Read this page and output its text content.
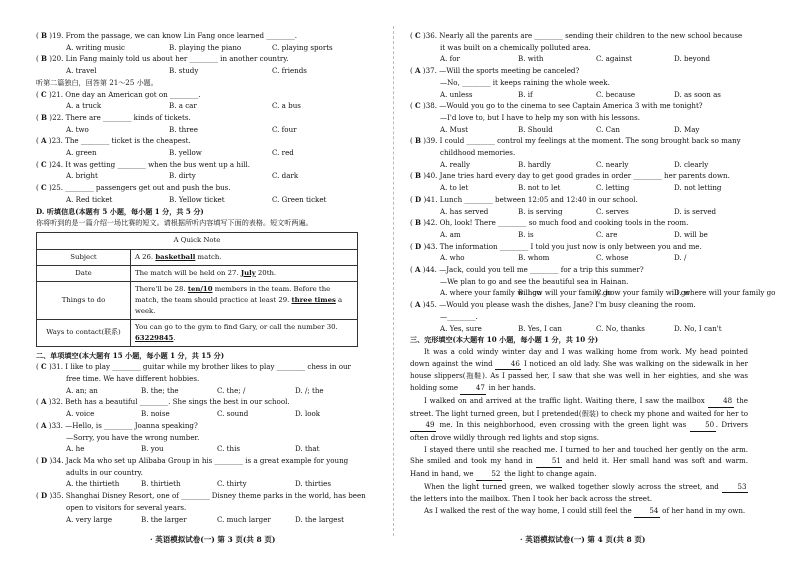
( B )19. From the passage, we can know Lin Fang once learned ________.
A. writing music	B. playing the piano	C. playing sports
( B )20. Lin Fang mainly told us about her ________ in another country.
A. travel	B. study	C. friends
听第二篇独白，回答第 21～25 小题。
( C )21. One day an American got on ________.
A. a truck	B. a car	C. a bus
( B )22. There are ________ kinds of tickets.
A. two	B. three	C. four
( A )23. The ________ ticket is the cheapest.
A. green	B. yellow	C. red
( C )24. It was getting ________ when the bus went up a hill.
A. bright	B. dirty	C. dark
( C )25. ________ passengers get out and push the bus.
A. Red ticket	B. Yellow ticket	C. Green ticket
D. 听填信息(本题有 5 小题，每小题 1 分，共 5 分)
你将听到的是一篇介绍一场比赛的短文。请根据所听内容填写下面的表格。短文听两遍。
A Quick Note	
Subject	A 26. basketball match.
Date	The match will be held on 27. July 20th.
Things to do	There'll be 28. ten/10 members in the team. Before the match, the team should practice at least 29. three times a week.
Ways to contact(联系)	You can go to the gym to find Gary, or call the number 30. 63229845.
二、单项填空(本大题有 15 小题，每小题 1 分，共 15 分)
( C )31. I like to play ________ guitar while my brother likes to play ________ chess in our
free time. We have different hobbies.
A. an; an	B. the; the	C. the; /	D. /; the
( A )32. Beth has a beautiful ________. She sings the best in our school.
A. voice	B. noise	C. sound	D. look
( A )33. —Hello, is ________ Joanna speaking?
—Sorry, you have the wrong number.
A. he	B. you	C. this	D. that
( D )34. Jack Ma who set up Alibaba Group in his ________ is a great example for young
adults in our country.
A. the thirtieth	B. thirtieth	C. thirty	D. thirties
( D )35. Shanghai Disney Resort, one of ________ Disney theme parks in the world, has been
open to visitors for several years.
A. very large	B. the larger	C. much larger	D. the largest
( C )36. Nearly all the parents are ________ sending their children to the new school because
it was built on a chemically polluted area.
A. for	B. with	C. against	D. beyond
( A )37. —Will the sports meeting be canceled?
—No, ________ it keeps raining the whole week.
A. unless	B. if	C. because	D. as soon as
( C )38. —Would you go to the cinema to see Captain America 3 with me tonight?
—I'd love to, but I have to help my son with his lessons.
A. Must	B. Should	C. Can	D. May
( B )39. I could ________ control my feelings at the moment. The song brought back so many
childhood memories.
A. really	B. hardly	C. nearly	D. clearly
( B )40. Jane tries hard every day to get good grades in order ________ her parents down.
A. to let	B. not to let	C. letting	D. not letting
( D )41. Lunch ________ between 12:05 and 12:40 in our school.
A. has served	B. is serving	C. serves	D. is served
( B )42. Oh, look! There ________ so much food and cooking tools in the room.
A. am	B. is	C. are	D. will be
( D )43. The information ________ I told you just now is only between you and me.
A. who	B. whom	C. whose	D. /
( A )44. —Jack, could you tell me ________ for a trip this summer?
—We plan to go and see the beautiful sea in Hainan.
A. where your family will go
B. how will your family go
C. how your family will go
D. where will your family go
( A )45. —Would you please wash the dishes, Jane? I'm busy cleaning the room.
—________.
A. Yes, sure	B. Yes, I can	C. No, thanks	D. No, I can't
三、完形填空(本大题有 10 小题，每小题 1 分，共 10 分)

It was a cold windy winter day and I was walking home from work. My head pointed down against the wind 46 I noticed an old lady. She was walking on the sidewalk in her house slippers(拖鞋). As I passed her, I saw that she was well in her eighties, and she was holding some 47 in her hands.

I walked on and arrived at the traffic light. Waiting there, I saw the mailbox 48 the street. The light turned green, but I pretended(假装) to check my phone and waited for her to 49 me. In this neighborhood, even crossing with the green light was 50. Drivers often drove wildly through red lights and stop signs.

I stayed there until she reached me. I turned to her and touched her gently on the arm. She smiled and took my hand in 51 and held it. Her small hand was soft and warm. Hand in hand, we 52 the light to change again.

When the light turned green, we walked together slowly across the street, and 53 the letters into the mailbox. Then I took her back across the street.

As I walked the rest of the way home, I could still feel the 54 of her hand in my own.

· 英语模拟试卷(一) 第 3 页(共 8 页)	· 英语模拟试卷(一) 第 4 页(共 8 页)
